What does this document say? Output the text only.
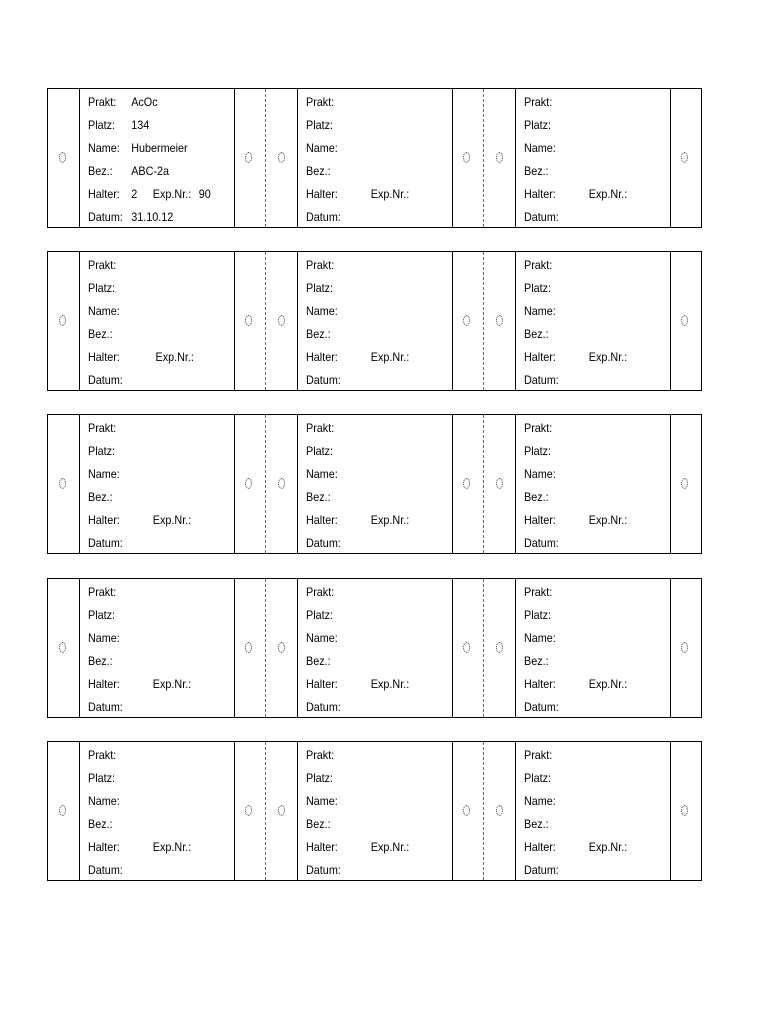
Prakt: AcOc
Platz: 134
Name: Hubermeier
Bez.: ABC-2a
Halter: 2 Exp.Nr.: 90
Datum: 31.10.12
Prakt:
Platz:
Name:
Bez.:
Halter:	Exp.Nr.:
Datum:
Prakt:
Platz:
Name:
Bez.:
Halter:	Exp.Nr.:
Datum:
Prakt:
Platz:
Name:
Bez.:
Halter:	Exp.Nr.:
Datum:
Prakt:
Platz:
Name:
Bez.:
Halter:	Exp.Nr.:
Datum:
Prakt:
Platz:
Name:
Bez.:
Halter:	Exp.Nr.:
Datum:
Prakt:
Platz:
Name:
Bez.:
Halter:	Exp.Nr.:
Datum:
Prakt:
Platz:
Name:
Bez.:
Halter:	Exp.Nr.:
Datum:
Prakt:
Platz:
Name:
Bez.:
Halter:	Exp.Nr.:
Datum:
Prakt:
Platz:
Name:
Bez.:
Halter:	Exp.Nr.:
Datum:
Prakt:
Platz:
Name:
Bez.:
Halter:	Exp.Nr.:
Datum:
Prakt:
Platz:
Name:
Bez.:
Halter:	Exp.Nr.:
Datum:
Prakt:
Platz:
Name:
Bez.:
Halter:	Exp.Nr.:
Datum:
Prakt:
Platz:
Name:
Bez.:
Halter:	Exp.Nr.:
Datum:
Prakt:
Platz:
Name:
Bez.:
Halter:	Exp.Nr.:
Datum:
